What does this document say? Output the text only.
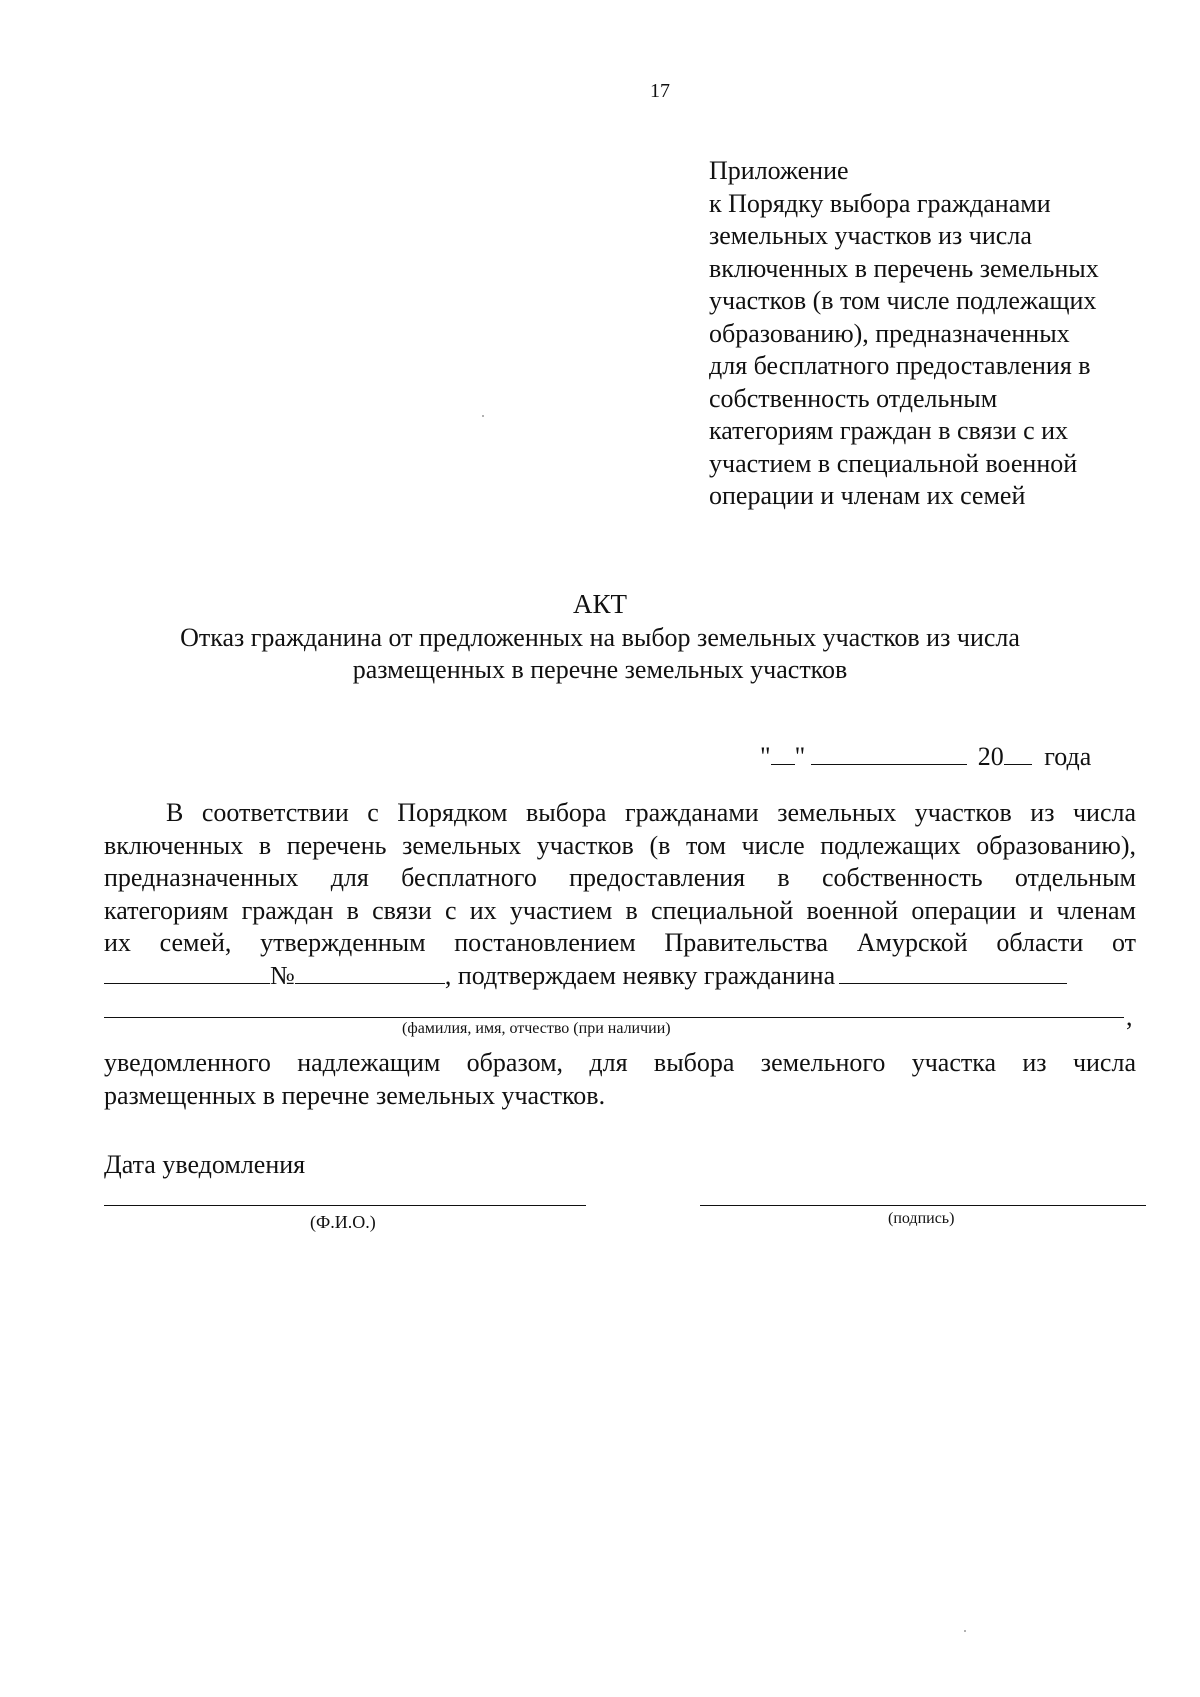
17
Приложение
к Порядку выбора гражданами
земельных участков из числа
включенных в перечень земельных
участков (в том числе подлежащих
образованию), предназначенных
для бесплатного предоставления в
собственность отдельным
категориям граждан в связи с их
участием в специальной военной
операции и членам их семей
АКТ
Отказ гражданина от предложенных на выбор земельных участков из числа
размещенных в перечне земельных участков
" "	20 года
В соответствии с Порядком выбора гражданами земельных участков из числа
включенных в перечень земельных участков (в том числе подлежащих образованию),
предназначенных для бесплатного предоставления в собственность отдельным
категориям граждан в связи с их участием в специальной военной операции и членам
их семей, утвержденным постановлением Правительства Амурской области от
№	, подтверждаем неявку гражданина
,
(фамилия, имя, отчество (при наличии)
уведомленного надлежащим образом, для выбора земельного участка из числа
размещенных в перечне земельных участков.
Дата уведомления
(Ф.И.О.)	(подпись)
